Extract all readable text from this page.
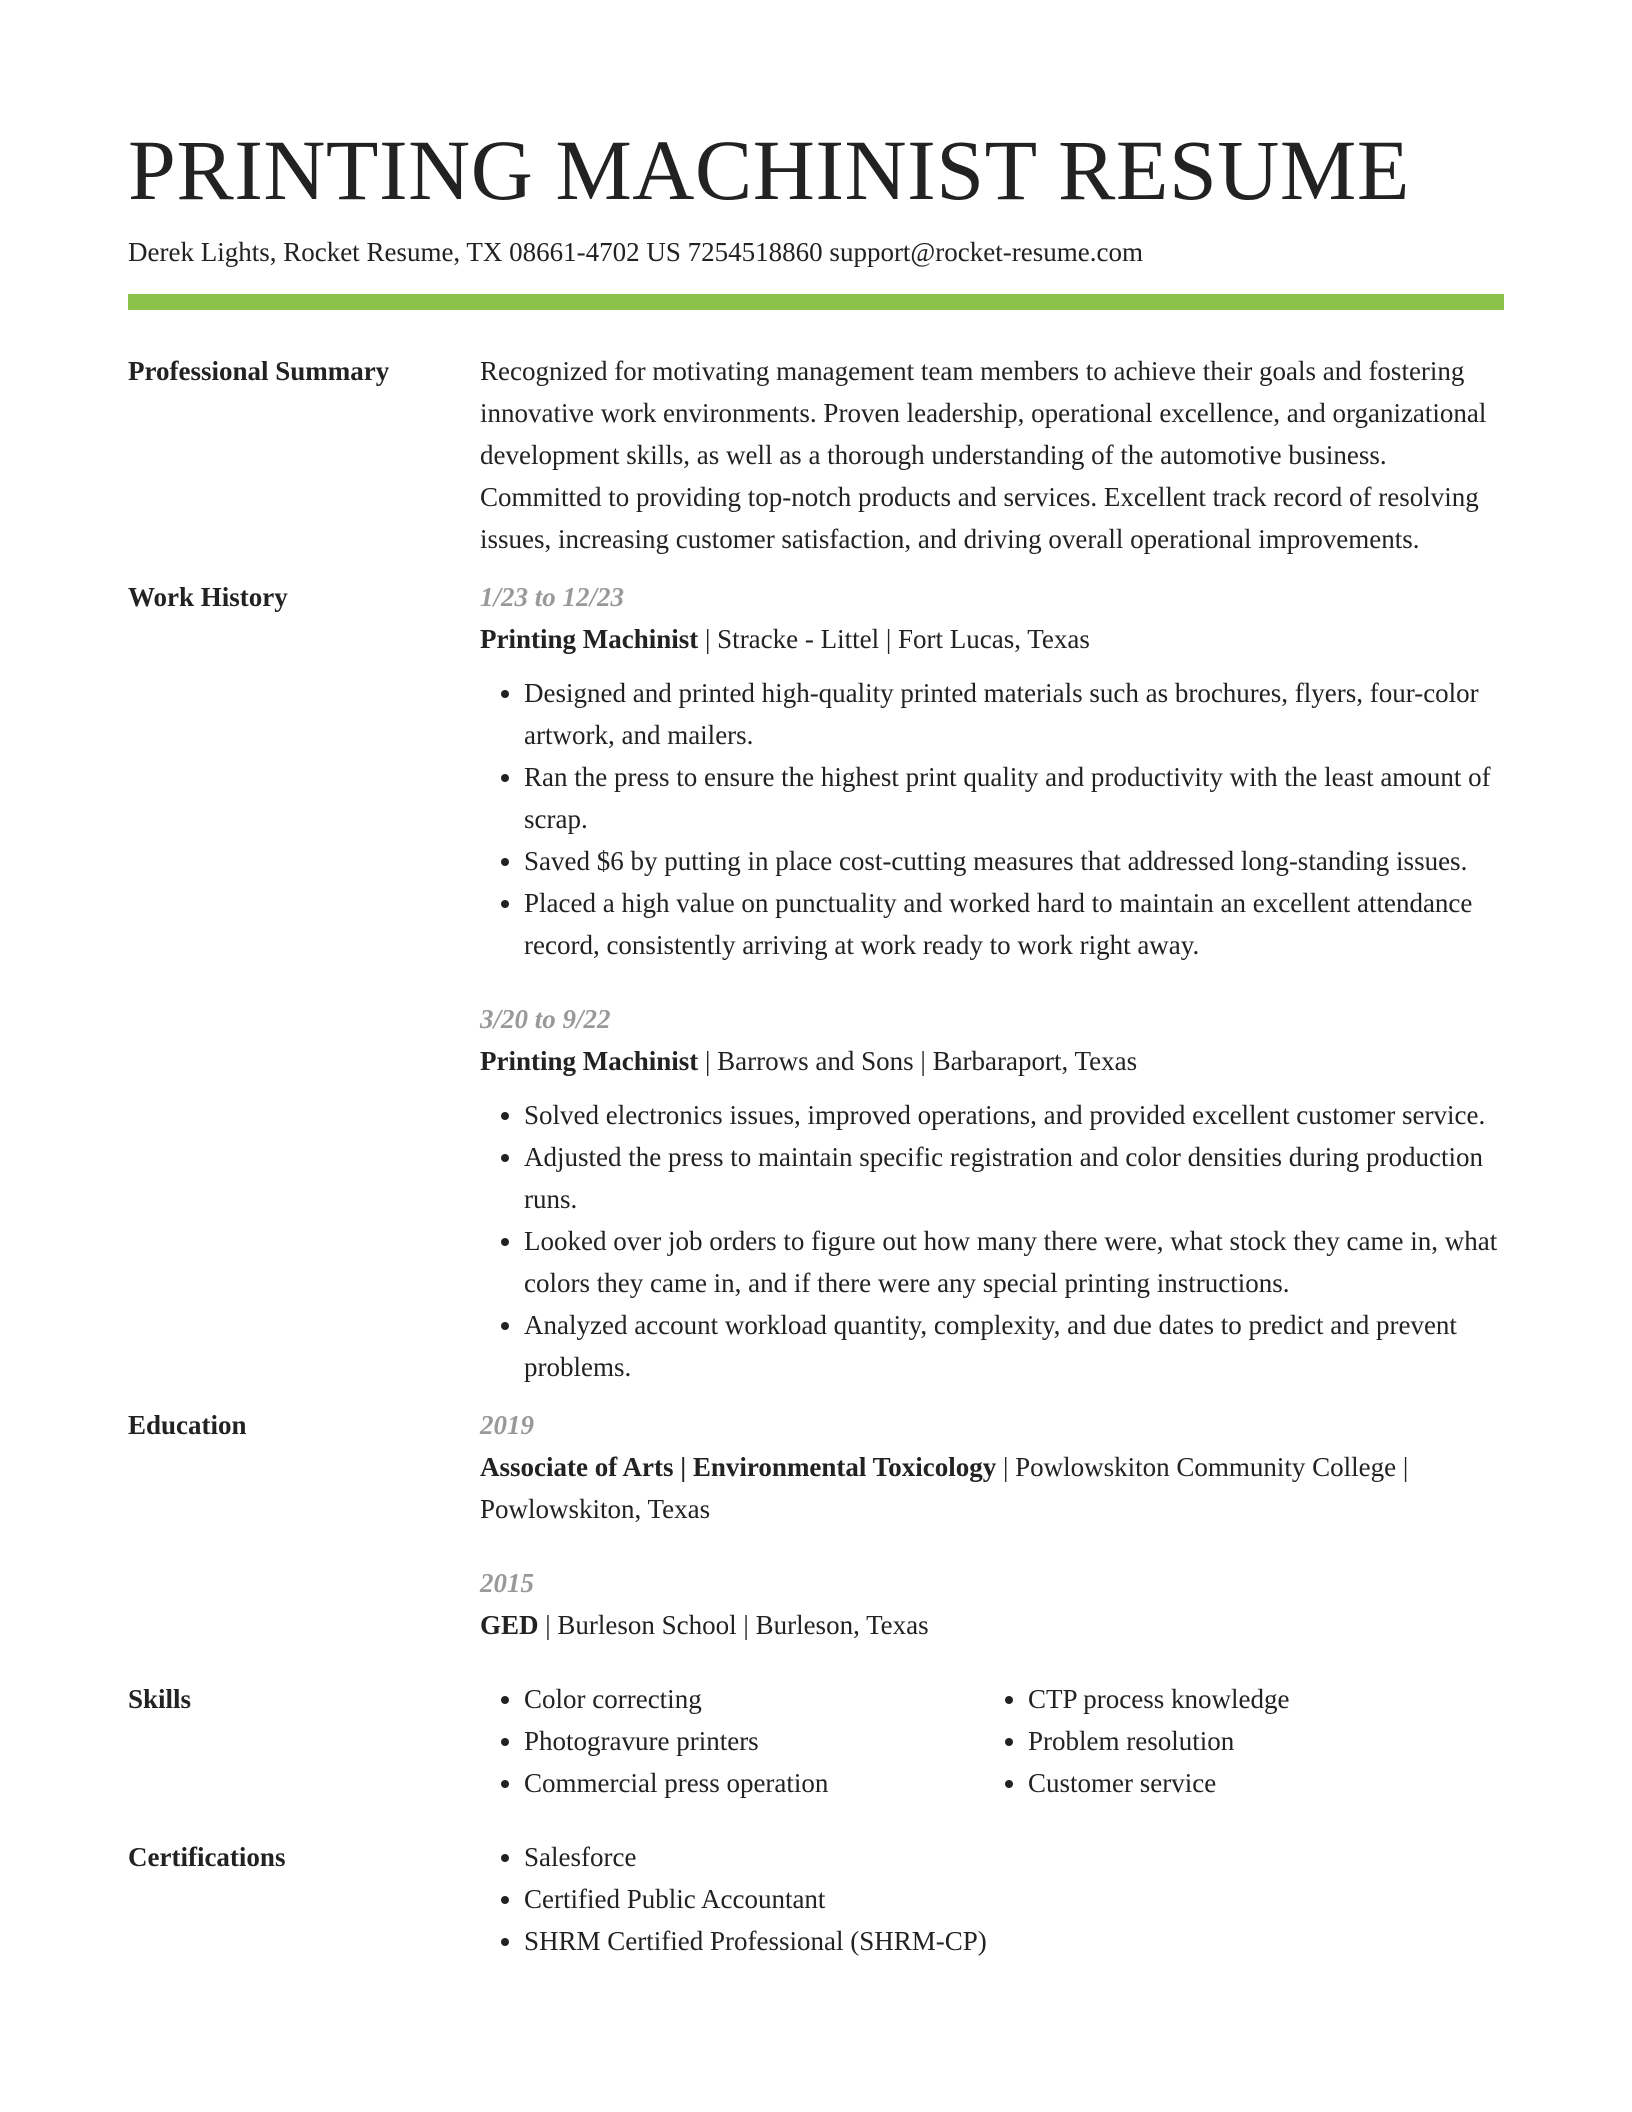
PRINTING MACHINIST RESUME
Derek Lights, Rocket Resume, TX 08661-4702 US 7254518860 support@rocket-resume.com
Professional Summary	Recognized for motivating management team members to achieve their goals and fostering innovative work environments. Proven leadership, operational excellence, and organizational development skills, as well as a thorough understanding of the automotive business. Committed to providing top-notch products and services. Excellent track record of resolving issues, increasing customer satisfaction, and driving overall operational improvements.

Work History	1/23 to 12/23
Printing Machinist | Stracke - Littel | Fort Lucas, Texas
• Designed and printed high-quality printed materials such as brochures, flyers, four-color artwork, and mailers.
• Ran the press to ensure the highest print quality and productivity with the least amount of scrap.
• Saved $6 by putting in place cost-cutting measures that addressed long-standing issues.
• Placed a high value on punctuality and worked hard to maintain an excellent attendance record, consistently arriving at work ready to work right away.
3/20 to 9/22
Printing Machinist | Barrows and Sons | Barbaraport, Texas
• Solved electronics issues, improved operations, and provided excellent customer service.
• Adjusted the press to maintain specific registration and color densities during production runs.
• Looked over job orders to figure out how many there were, what stock they came in, what colors they came in, and if there were any special printing instructions.
• Analyzed account workload quantity, complexity, and due dates to predict and prevent problems.
Education	2019
Associate of Arts | Environmental Toxicology | Powlowskiton Community College | Powlowskiton, Texas
2015
GED | Burleson School | Burleson, Texas
Skills	• Color correcting
• Photogravure printers
• Commercial press operation
• CTP process knowledge
• Problem resolution
• Customer service
Certifications	• Salesforce
• Certified Public Accountant
• SHRM Certified Professional (SHRM-CP)
